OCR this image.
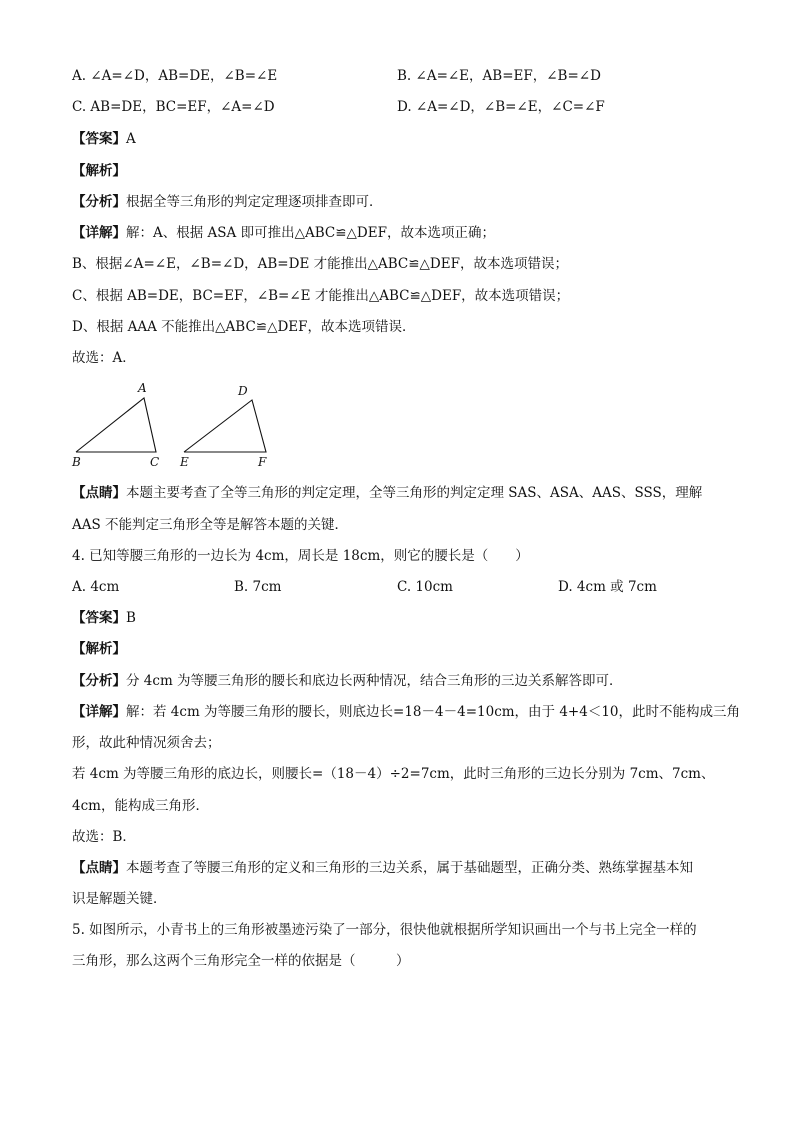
A. ∠A=∠D，AB=DE，∠B=∠E	B. ∠A=∠E，AB=EF，∠B=∠D
C. AB=DE，BC=EF，∠A=∠D	D. ∠A=∠D，∠B=∠E，∠C=∠F
【答案】A
【解析】
【分析】根据全等三角形的判定定理逐项排查即可．
【详解】解：A、根据 ASA 即可推出△ABC≌△DEF，故本选项正确；
B、根据∠A=∠E，∠B=∠D，AB=DE 才能推出△ABC≌△DEF，故本选项错误；
C、根据 AB=DE，BC=EF，∠B=∠E 才能推出△ABC≌△DEF，故本选项错误；
D、根据 AAA 不能推出△ABC≌△DEF，故本选项错误．
故选：A．
A
B	C
D
E	F
【点睛】本题主要考查了全等三角形的判定定理，全等三角形的判定定理 SAS、ASA、AAS、SSS，理解
AAS 不能判定三角形全等是解答本题的关键．
4. 已知等腰三角形的一边长为 4cm，周长是 18cm，则它的腰长是（　　）
A. 4cm	B. 7cm	C. 10cm	D. 4cm 或 7cm
【答案】B
【解析】
【分析】分 4cm 为等腰三角形的腰长和底边长两种情况，结合三角形的三边关系解答即可．
【详解】解：若 4cm 为等腰三角形的腰长，则底边长=18－4－4=10cm，由于 4+4＜10，此时不能构成三角
形，故此种情况须舍去；
若 4cm 为等腰三角形的底边长，则腰长=（18－4）÷2=7cm，此时三角形的三边长分别为 7cm、7cm、
4cm，能构成三角形．
故选：B．
【点睛】本题考查了等腰三角形的定义和三角形的三边关系，属于基础题型，正确分类、熟练掌握基本知
识是解题关键．
5. 如图所示，小青书上的三角形被墨迹污染了一部分，很快他就根据所学知识画出一个与书上完全一样的
三角形，那么这两个三角形完全一样的依据是（　　　）
